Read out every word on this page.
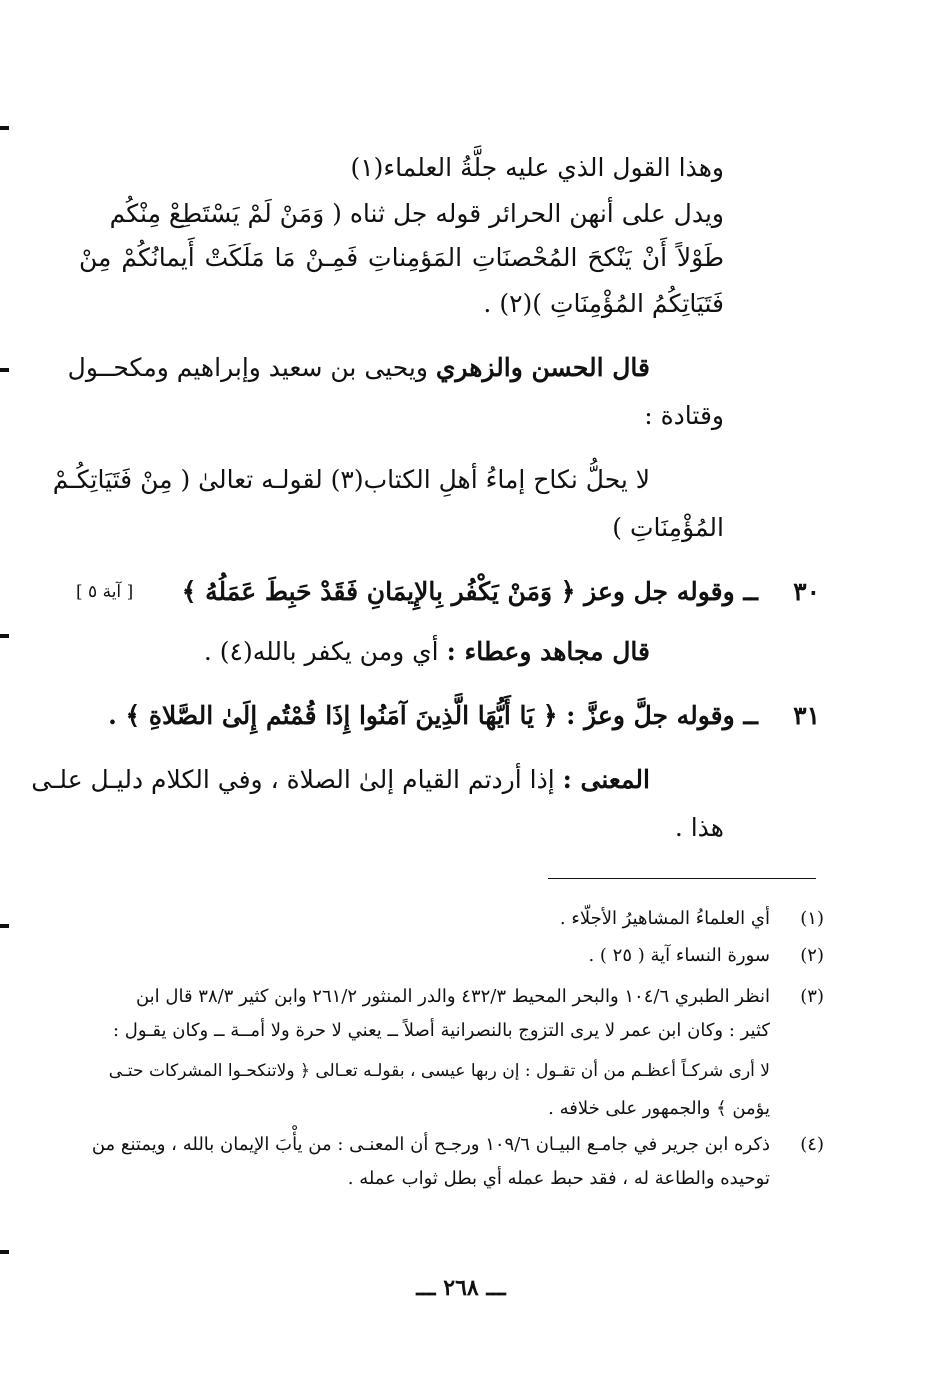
وهذا القول الذي عليه جلَّةُ العلماء(١)
ويدل على أنهن الحرائر قوله جل ثناه ( وَمَنْ لَمْ يَسْتَطِعْ مِنْكُم
طَوْلاً أَنْ يَنْكحَ المُحْصنَاتِ المَؤمِناتِ فَمِـنْ مَا مَلَكَتْ أَيمانُكُمْ مِنْ
فَتَيَاتِكُمُ المُؤْمِنَاتِ )(٢) .
قال الحسن والزهري ويحيى بن سعيد وإبراهيم ومكحــول
وقتادة :
لا يحلُّ نكاح إماءُ أهلِ الكتاب(٣) لقولـه تعالىٰ ( مِنْ فَتَيَاتِكُـمْ
المُؤْمِنَاتِ )
٣٠
ــ وقوله جل وعز ﴿ وَمَنْ يَكْفُر بِالإِيمَانِ فَقَدْ حَبِطَ عَمَلُهُ ﴾
[ آية ٥ ]
قال مجاهد وعطاء : أي ومن يكفر بالله(٤) .
٣١
ــ وقوله جلَّ وعزَّ : ﴿ يَا أَيُّهَا الَّذِينَ آمَنُوا إِذَا قُمْتُم إِلَىٰ الصَّلاةِ ﴾ .
المعنى : إذا أردتم القيام إلىٰ الصلاة ، وفي الكلام دليـل علـى
هذا .
(١)
أي العلماءُ المشاهيرُ الأجلّاء .
(٢)
سورة النساء آية ( ٢٥ ) .
(٣)
انظر الطبري ١٠٤/٦ والبحر المحيط ٤٣٢/٣ والدر المنثور ٢٦١/٢ وابن كثير ٣٨/٣ قال ابن
كثير : وكان ابن عمر لا يرى التزوج بالنصرانية أصلاً ــ يعني لا حرة ولا أمــة ــ وكان يقـول :
لا أرى شركـاً أعظـم من أن تقـول : إن ربها عيسى ، بقولـه تعـالى ﴿ ولاتنكحـوا المشركات حتـى
يؤمن ﴾ والجمهور على خلافه .
(٤)
ذكره ابن جرير في جامـع البيـان ١٠٩/٦ ورجـح أن المعنـى : من يأْبَ الإيمان بالله ، ويمتنع من
توحيده والطاعة له ، فقد حبط عمله أي بطل ثواب عمله .
ـــ ٢٦٨ ـــ
